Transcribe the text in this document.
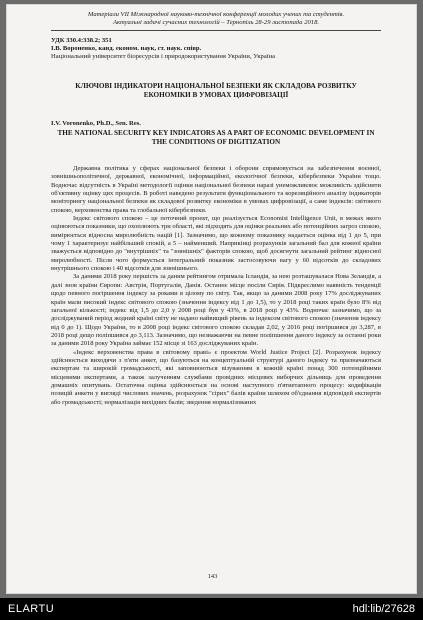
Матеріали VII Міжнародної науково-технічної конференції молодих учених та студентів.
Актуальні задачі сучасних технологій – Тернопіль 28-29 листопада 2018.
УДК 330.4:338.2; 351
І.В. Вороненко, канд. економ. наук, ст. наук. співр.
Національний університет біоресурсів і природокористування України, Україна
КЛЮЧОВІ ІНДИКАТОРИ НАЦІОНАЛЬНОЇ БЕЗПЕКИ ЯК СКЛАДОВА РОЗВИТКУ ЕКОНОМІКИ В УМОВАХ ЦИФРОВІЗАЦІЇ
I.V. Voronenko, Ph.D., Sen. Res.
THE NATIONAL SECURITY KEY INDICATORS AS A PART OF ECONOMIC DEVELOPMENT IN THE CONDITIONS OF DIGITIZATION

Державна політика у сферах національної безпеки і оборони спрямовується на забезпечення воєнної, зовнішньополітичної, державної, економічної, інформаційної, екологічної безпеки, кібербезпеки України тощо. Водночас відсутність в Україні методології оцінки національної безпеки наразі унеможливлює можливість здійснити об'єктивну оцінку цих процесів. В роботі наведено результати функціонального та кореляційного аналізу індикаторів моніторингу національної безпеки як складової розвитку економіки в умовах цифровізації, а саме індексів: світового спокою, верховенства права та глобальної кібербезпеки.

Індекс світового спокою – це поточний проект, що реалізується Economist Intelligence Unit, в межах якого оцінюються показники, що охоплюють три області, які підходять для оцінки реальних або потенційних загроз спокою, вимірюється відносна миролюбність націй [1]. Зазначимо, що кожному показнику надається оцінка від 1 до 5, при чому 1 характеризує найбільший спокій, а 5 – найменший. Наприкінці розрахунків загальний бал для кожної країни зважується відповідно до "внутрішніх" та "зовнішніх" факторів спокою, щоб досягнути загальний рейтинг відносної миролюбності. Після чого формується інтегральний показник застосовуючи вагу у 60 відсотків до складових внутрішнього спокою і 40 відсотків для зовнішнього.

За даними 2018 року першість за даним рейтингом отримала Ісландія, за нею розташувалася Нова Зеландія, а далі знов країни Європи: Австрія, Португалія, Данія. Останнє місце посіли Сирія. Підкреслимо наявність тенденції щодо певного погіршення індексу за роками в цілому по світу. Так, якщо за даними 2008 року 17% досліджуваних країн мали високий індекс світового спокою (значення індексу від 1 до 1,5), то у 2018 році таких країн було 8% від загальної кількості; індекс від 1,5 до 2,0 у 2008 році був у 43%, в 2018 році у 43%. Водночас зазначимо, що за досліджуваний період жодний країні світу не надано найвищий рівень за індексом світового спокою (значення індексу від 0 до 1). Щодо України, то в 2008 році індекс світового спокою складав 2,02, у 2016 році погіршився до 3,287, в 2018 році дещо поліпшився до 3,113. Зазначимо, що незважаючи на певне поліпшення даного індексу за останні роки за даними 2018 року Україна займає 152 місце зі 163 досліджуваних країн.

«Індекс верховенства права в світовому праві» є проектом World Justice Project [2]. Розрахунок індексу здійснюється виходячи з п'яти анкет, що базуються на концептуальній структурі даного індексу та призначаються експертам та широкій громадськості, які заповнюються візуванням в кожній країні понад 300 потенційними місцевими експертами, а також залученням службами провідних місцевих виборчих дільниць для проведення домашніх опитувань. Остаточна оцінка здійснюється на основі наступного п'ятиетапного процесу: кодифікація позицій анкети у вигляді числових значень, розрахунок "сірих" балів країни шляхом об'єднання відповідей експертів або громадськості; нормалізація вихідних балів; зведення нормалізованих

143
ELARTU	hdl:lib/27628
